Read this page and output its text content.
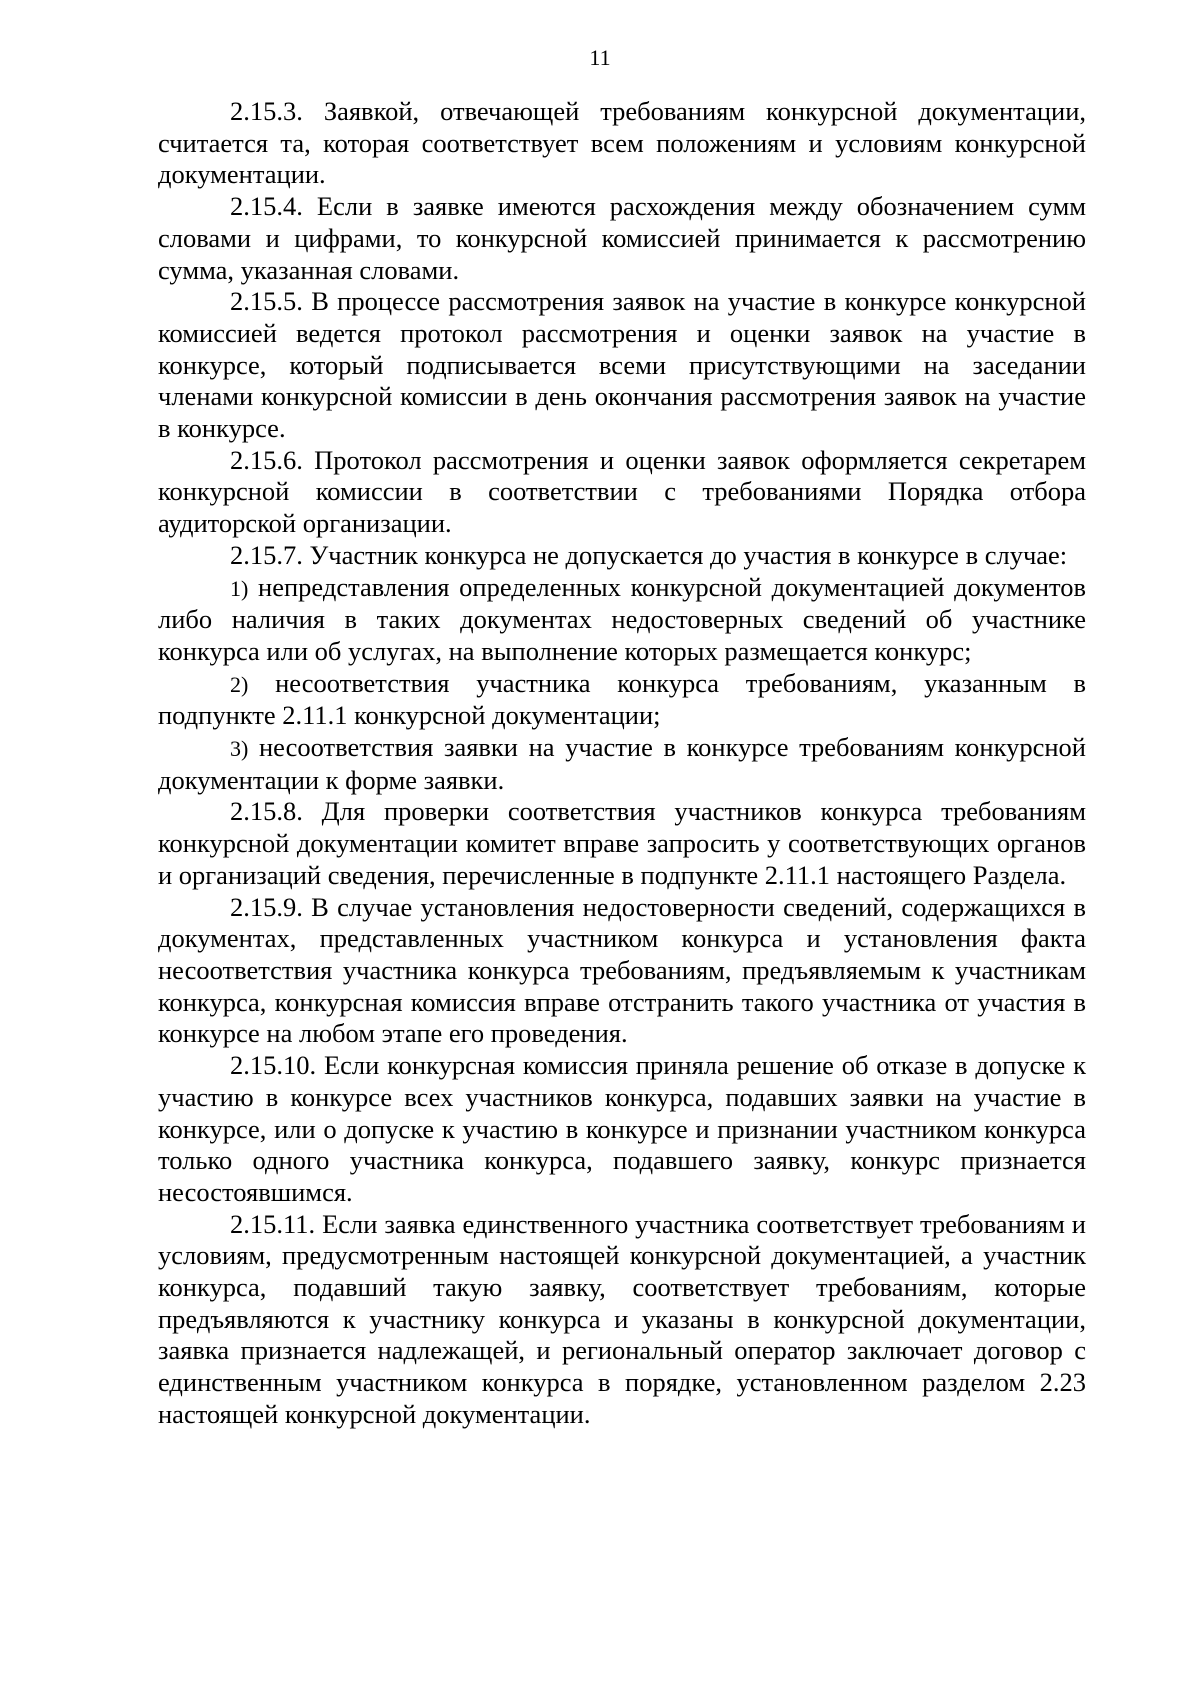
11

2.15.3. Заявкой, отвечающей требованиям конкурсной документации, считается та, которая соответствует всем положениям и условиям конкурсной документации.

2.15.4. Если в заявке имеются расхождения между обозначением сумм словами и цифрами, то конкурсной комиссией принимается к рассмотрению сумма, указанная словами.

2.15.5. В процессе рассмотрения заявок на участие в конкурсе конкурсной комиссией ведется протокол рассмотрения и оценки заявок на участие в конкурсе, который подписывается всеми присутствующими на заседании членами конкурсной комиссии в день окончания рассмотрения заявок на участие в конкурсе.

2.15.6. Протокол рассмотрения и оценки заявок оформляется секретарем конкурсной комиссии в соответствии с требованиями Порядка отбора аудиторской организации.

2.15.7. Участник конкурса не допускается до участия в конкурсе в случае:

1) непредставления определенных конкурсной документацией документов либо наличия в таких документах недостоверных сведений об участнике конкурса или об услугах, на выполнение которых размещается конкурс;

2) несоответствия участника конкурса требованиям, указанным в подпункте 2.11.1 конкурсной документации;

3) несоответствия заявки на участие в конкурсе требованиям конкурсной документации к форме заявки.

2.15.8. Для проверки соответствия участников конкурса требованиям конкурсной документации комитет вправе запросить у соответствующих органов и организаций сведения, перечисленные в подпункте 2.11.1 настоящего Раздела.

2.15.9. В случае установления недостоверности сведений, содержащихся в документах, представленных участником конкурса и установления факта несоответствия участника конкурса требованиям, предъявляемым к участникам конкурса, конкурсная комиссия вправе отстранить такого участника от участия в конкурсе на любом этапе его проведения.

2.15.10. Если конкурсная комиссия приняла решение об отказе в допуске к участию в конкурсе всех участников конкурса, подавших заявки на участие в конкурсе, или о допуске к участию в конкурсе и признании участником конкурса только одного участника конкурса, подавшего заявку, конкурс признается несостоявшимся.

2.15.11. Если заявка единственного участника соответствует требованиям и условиям, предусмотренным настоящей конкурсной документацией, а участник конкурса, подавший такую заявку, соответствует требованиям, которые предъявляются к участнику конкурса и указаны в конкурсной документации, заявка признается надлежащей, и региональный оператор заключает договор с единственным участником конкурса в порядке, установленном разделом 2.23 настоящей конкурсной документации.
